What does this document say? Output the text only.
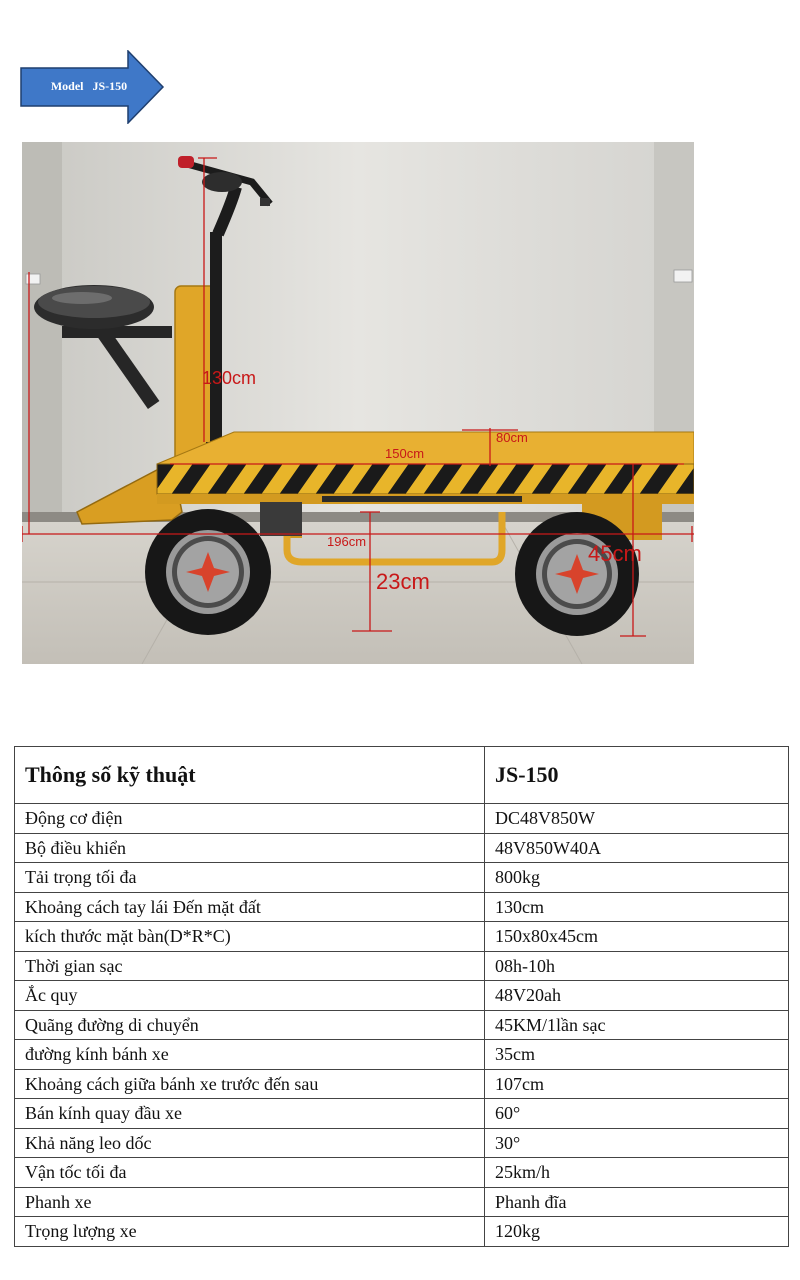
Model   JS-150
130cm
150cm
80cm
196cm
23cm
45cm
Thông số kỹ thuật	JS-150
Động cơ điện	DC48V850W
Bộ điều khiển	48V850W40A
Tải trọng tối đa	800kg
Khoảng cách tay lái Đến mặt đất	130cm
kích thước mặt bàn(D*R*C)	150x80x45cm
Thời gian sạc	08h-10h
Ắc quy	48V20ah
Quãng đường di chuyển	45KM/1lần sạc
đường kính bánh xe	35cm
Khoảng cách giữa bánh xe trước đến sau	107cm
Bán kính quay đầu xe	60°
Khả năng leo dốc	30°
Vận tốc tối đa	25km/h
Phanh xe	Phanh đĩa
Trọng lượng xe	120kg
